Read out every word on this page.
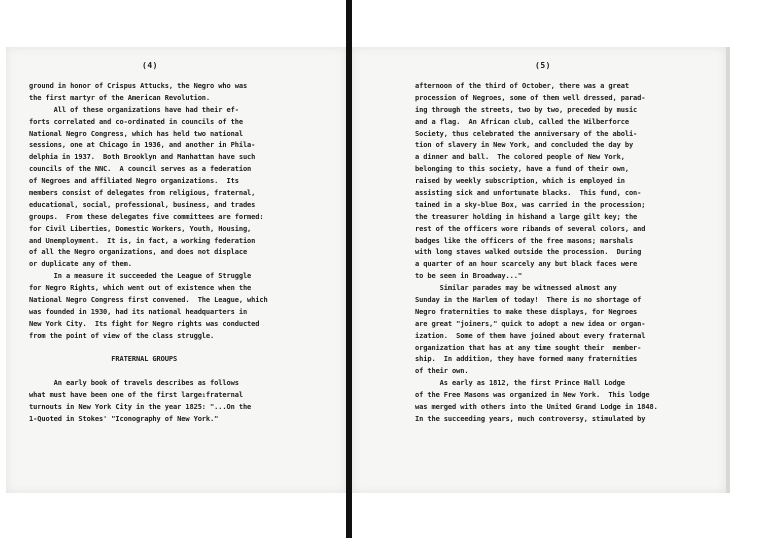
(4)
ground in honor of Crispus Attucks, the Negro who was
the first martyr of the American Revolution.
All of these organizations have had their ef-
forts correlated and co-ordinated in councils of the
National Negro Congress, which has held two national
sessions, one at Chicago in 1936, and another in Phila-
delphia in 1937.  Both Brooklyn and Manhattan have such
councils of the NNC.  A council serves as a federation
of Negroes and affiliated Negro organizations.  Its
members consist of delegates from religious, fraternal,
educational, social, professional, business, and trades
groups.  From these delegates five committees are formed:
for Civil Liberties, Domestic Workers, Youth, Housing,
and Unemployment.  It is, in fact, a working federation
of all the Negro organizations, and does not displace
or duplicate any of them.
In a measure it succeeded the League of Struggle
for Negro Rights, which went out of existence when the
National Negro Congress first convened.  The League, which
was founded in 1930, had its national headquarters in
New York City.  Its fight for Negro rights was conducted
from the point of view of the class struggle.
FRATERNAL GROUPS
An early book of travels describes as follows
what must have been one of the first large₁fraternal
turnouts in New York City in the year 1825: "...On the
1-Quoted in Stokes' "Iconography of New York."
(5)
afternoon of the third of October, there was a great
procession of Negroes, some of them well dressed, parad-
ing through the streets, two by two, preceded by music
and a flag.  An African club, called the Wilberforce
Society, thus celebrated the anniversary of the aboli-
tion of slavery in New York, and concluded the day by
a dinner and ball.  The colored people of New York,
belonging to this society, have a fund of their own,
raised by weekly subscription, which is employed in
assisting sick and unfortunate blacks.  This fund, con-
tained in a sky-blue Box, was carried in the procession;
the treasurer holding in hishand a large gilt key; the
rest of the officers wore ribands of several colors, and
badges like the officers of the free masons; marshals
with long staves walked outside the procession.  During
a quarter of an hour scarcely any but black faces were
to be seen in Broadway..."
Similar parades may be witnessed almost any
Sunday in the Harlem of today!  There is no shortage of
Negro fraternities to make these displays, for Negroes
are great "joiners," quick to adopt a new idea or organ-
ization.  Some of them have joined about every fraternal
organization that has at any time sought their  member-
ship.  In addition, they have formed many fraternities
of their own.
As early as 1812, the first Prince Hall Lodge
of the Free Masons was organized in New York.  This lodge
was merged with others into the United Grand Lodge in 1848.
In the succeeding years, much controversy, stimulated by
